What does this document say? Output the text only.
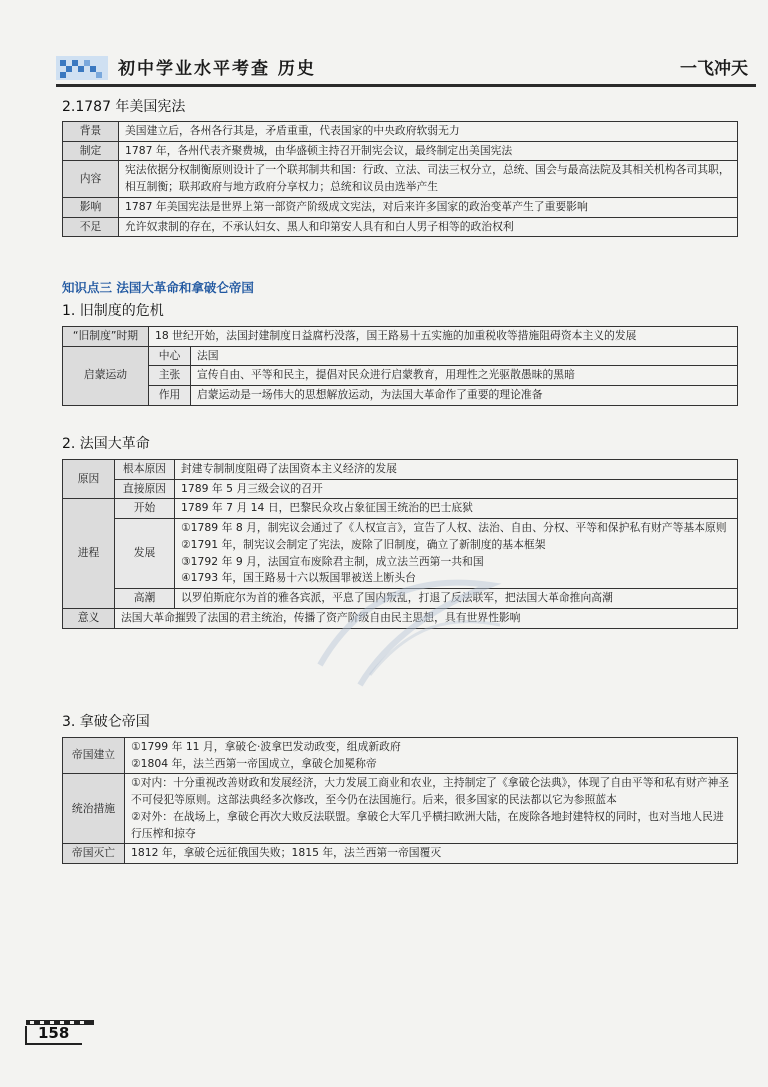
初中学业水平考查 历史	一飞冲天
2.1787 年美国宪法
背景	美国建立后，各州各行其是，矛盾重重，代表国家的中央政府软弱无力
制定	1787 年，各州代表齐聚费城，由华盛顿主持召开制宪会议，最终制定出美国宪法
内容	宪法依据分权制衡原则设计了一个联邦制共和国：行政、立法、司法三权分立，总统、国会与最高法院及其相关机构各司其职，相互制衡；联邦政府与地方政府分享权力；总统和议员由选举产生
影响	1787 年美国宪法是世界上第一部资产阶级成文宪法，对后来许多国家的政治变革产生了重要影响
不足	允许奴隶制的存在，不承认妇女、黑人和印第安人具有和白人男子相等的政治权利
知识点三 法国大革命和拿破仑帝国
1. 旧制度的危机
“旧制度”时期	18 世纪开始，法国封建制度日益腐朽没落，国王路易十五实施的加重税收等措施阻碍资本主义的发展	
启蒙运动	中心	法国
	主张	宣传自由、平等和民主，提倡对民众进行启蒙教育，用理性之光驱散愚昧的黑暗
	作用	启蒙运动是一场伟大的思想解放运动，为法国大革命作了重要的理论准备
2. 法国大革命
原因	根本原因	封建专制制度阻碍了法国资本主义经济的发展
	直接原因	1789 年 5 月三级会议的召开
进程	开始	1789 年 7 月 14 日，巴黎民众攻占象征国王统治的巴士底狱
	发展	①1789 年 8 月，制宪议会通过了《人权宣言》，宣告了人权、法治、自由、分权、平等和保护私有财产等基本原则

②1791 年，制宪议会制定了宪法，废除了旧制度，确立了新制度的基本框架

③1792 年 9 月，法国宣布废除君主制，成立法兰西第一共和国

④1793 年，国王路易十六以叛国罪被送上断头台

	高潮	以罗伯斯庇尔为首的雅各宾派，平息了国内叛乱，打退了反法联军，把法国大革命推向高潮
意义	法国大革命摧毁了法国的君主统治，传播了资产阶级自由民主思想，具有世界性影响	
3. 拿破仑帝国
帝国建立	①1799 年 11 月，拿破仑·波拿巴发动政变，组成新政府

②1804 年，法兰西第一帝国成立，拿破仑加冕称帝

统治措施	①对内：十分重视改善财政和发展经济，大力发展工商业和农业，主持制定了《拿破仑法典》，体现了自由平等和私有财产神圣不可侵犯等原则。这部法典经多次修改，至今仍在法国施行。后来，很多国家的民法都以它为参照蓝本

②对外：在战场上，拿破仑再次大败反法联盟。拿破仑大军几乎横扫欧洲大陆，在废除各地封建特权的同时，也对当地人民进行压榨和掠夺

帝国灭亡	1812 年，拿破仑远征俄国失败；1815 年，法兰西第一帝国覆灭

158
